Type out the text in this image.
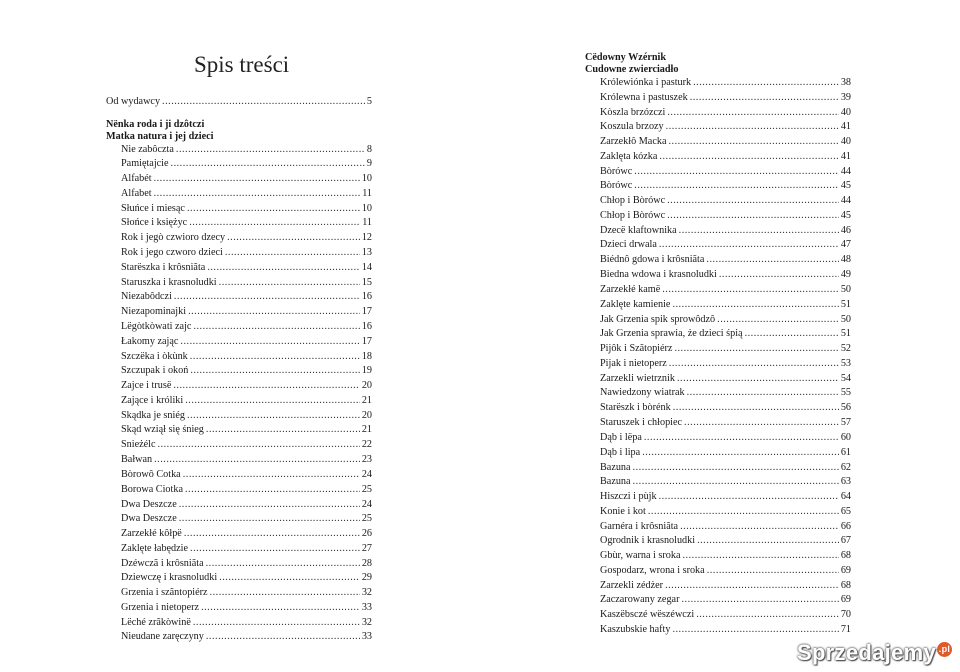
Spis treści
Od wydawcy .....	5
Nënka roda i ji dzôtczi
Matka natura i jej dzieci
Nie zabôczta .....	8
Pamiętajcie .....	9
Alfabét .....	10
Alfabet .....	11
Słuńce i miesąc .....	10
Słońce i księżyc .....	11
Rok i jegò czwioro dzecy .....	12
Rok i jego czworo dzieci .....	13
Starëszka i krôsniãta .....	14
Staruszka i krasnoludki .....	15
Niezabôdczi .....	16
Niezapominajki .....	17
Lëgòtkòwati zajc .....	16
Łakomy zając .....	17
Szczëka i òkùnk .....	18
Szczupak i okoń .....	19
Zajce i trusë .....	20
Zające i króliki .....	21
Skądka je sniég .....	20
Skąd wziął się śnieg .....	21
Snieżélc .....	22
Bałwan .....	23
Bòrowô Cotka .....	24
Borowa Ciotka .....	25
Dwa Deszcze .....	24
Dwa Deszcze .....	25
Zarzekłé kôłpë .....	26
Zaklęte łabędzie .....	27
Dzéwczã i krôsniãta .....	28
Dziewczę i krasnoludki .....	29
Grzenia i szãntopiérz .....	32
Grzenia i nietoperz .....	33
Lëché zrãkòwinë .....	32
Nieudane zaręczyny .....	33
Cëdowny Wzérnik
Cudowne zwierciadło
Królewiónka i pasturk .....	38
Królewna i pastuszek .....	39
Kòszla brzózczi .....	40
Koszula brzozy .....	41
Zarzekłô Macka .....	40
Zaklęta kózka .....	41
Bòrówc .....	44
Bòrówc .....	45
Chłop i Bòrówc .....	44
Chłop i Bòrówc .....	45
Dzecë klaftownika .....	46
Dzieci drwala .....	47
Biédnô gdowa i krôsniãta .....	48
Biedna wdowa i krasnoludki .....	49
Zarzekłé kamë .....	50
Zaklęte kamienie .....	51
Jak Grzenia spik sprowôdzô .....	50
Jak Grzenia sprawia, że dzieci śpią .....	51
Pijôk i Szãtopiérz .....	52
Pijak i nietoperz .....	53
Zarzekli wietrznik .....	54
Nawiedzony wiatrak .....	55
Starëszk i bòrénk .....	56
Staruszek i chłopiec .....	57
Dąb i lëpa .....	60
Dąb i lipa .....	61
Bazuna .....	62
Bazuna .....	63
Hiszczi i pùjk .....	64
Konie i kot .....	65
Garnéra i krôsniãta .....	66
Ogrodnik i krasnoludki .....	67
Gbùr, warna i sroka .....	68
Gospodarz, wrona i sroka .....	69
Zarzekli zédżer .....	68
Zaczarowany zegar .....	69
Kaszëbsczé wëszéwczi .....	70
Kaszubskie hafty .....	71
Sprzedajemy .pl
